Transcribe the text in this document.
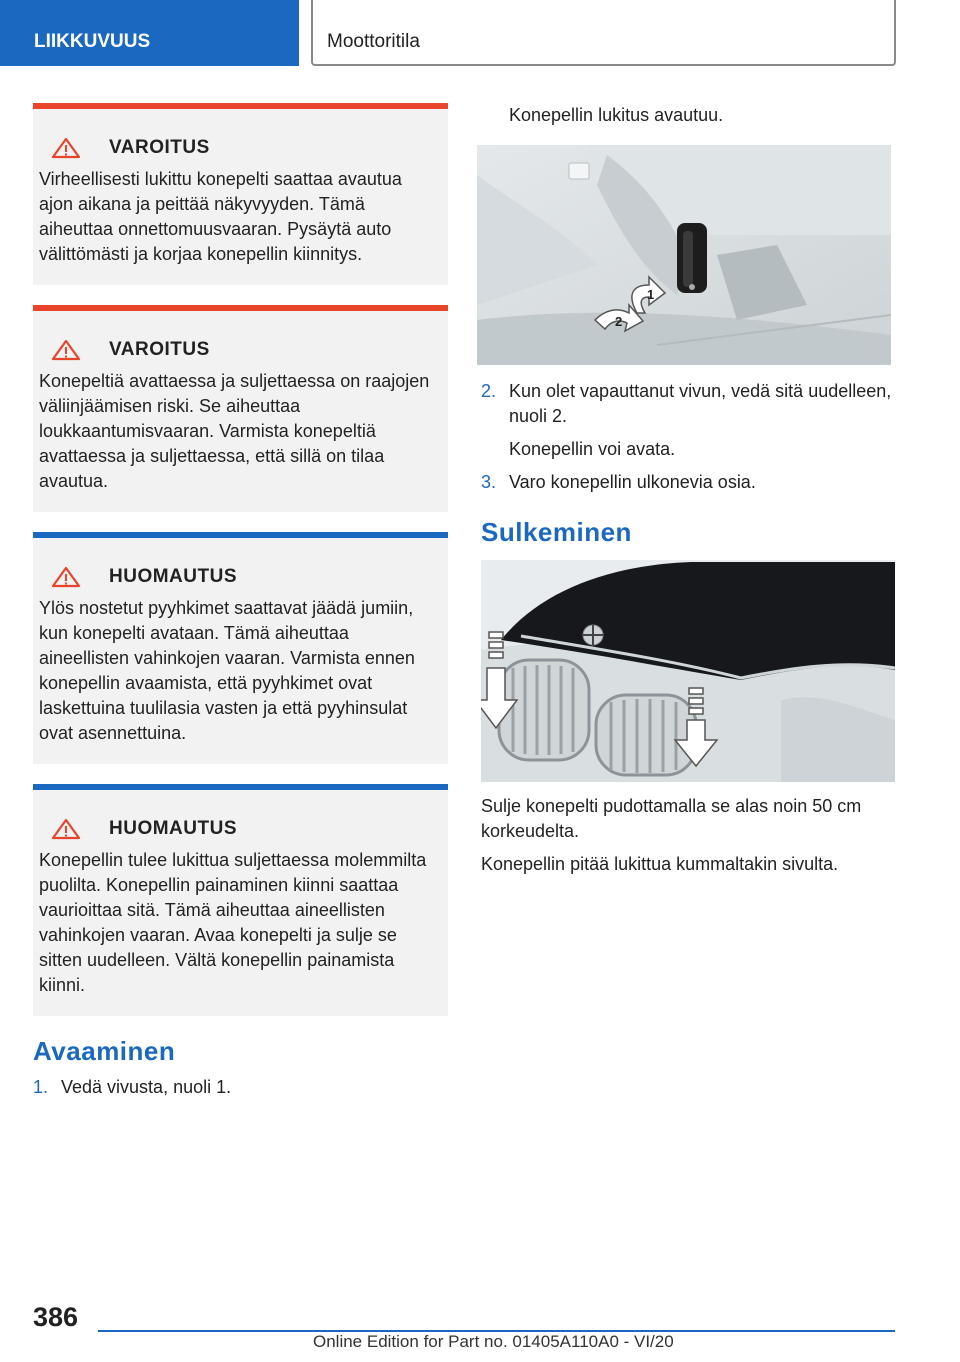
LIIKKUVUUS	Moottoritila
VAROITUS
Virheellisesti lukittu konepelti saattaa avautua ajon aikana ja peittää näkyvyyden. Tämä aiheuttaa onnettomuusvaaran. Pysäytä auto välittömästi ja korjaa konepellin kiinnitys.
VAROITUS
Konepeltiä avattaessa ja suljettaessa on raajojen väliinjäämisen riski. Se aiheuttaa loukkaantumisvaaran. Varmista konepeltiä avattaessa ja suljettaessa, että sillä on tilaa avautua.
HUOMAUTUS
Ylös nostetut pyyhkimet saattavat jäädä jumiin, kun konepelti avataan. Tämä aiheuttaa aineellisten vahinkojen vaaran. Varmista ennen konepellin avaamista, että pyyhkimet ovat laskettuina tuulilasia vasten ja että pyyhinsulat ovat asennettuina.
HUOMAUTUS
Konepellin tulee lukittua suljettaessa molemmilta puolilta. Konepellin painaminen kiinni saattaa vaurioittaa sitä. Tämä aiheuttaa aineellisten vahinkojen vaaran. Avaa konepelti ja sulje se sitten uudelleen. Vältä konepellin painamista kiinni.
Avaaminen
1. Vedä vivusta, nuoli 1.
Konepellin lukitus avautuu.
1
2
2. Kun olet vapauttanut vivun, vedä sitä uudelleen, nuoli 2.
Konepellin voi avata.
3. Varo konepellin ulkonevia osia.
Sulkeminen
Sulje konepelti pudottamalla se alas noin 50 cm korkeudelta.
Konepellin pitää lukittua kummaltakin sivulta.
386
Online Edition for Part no. 01405A110A0 - VI/20
